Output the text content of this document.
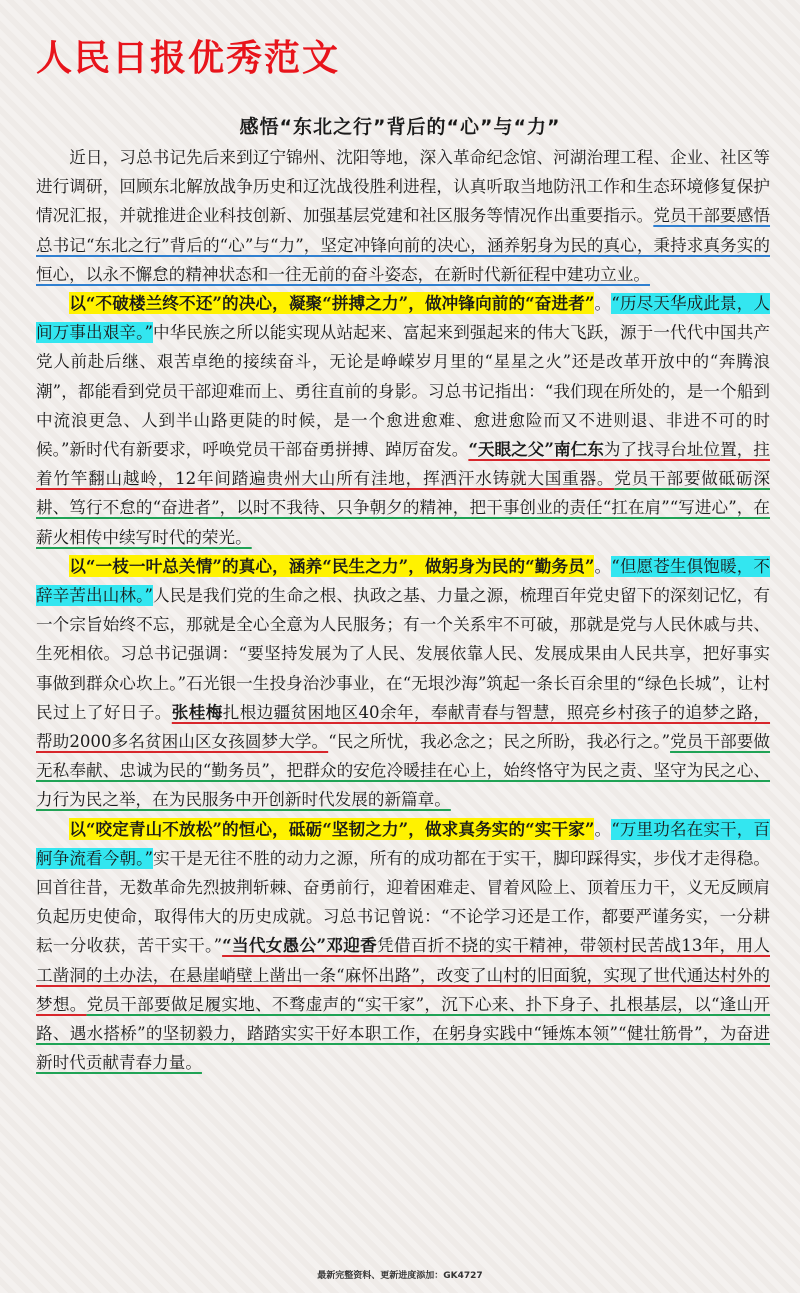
人民日报优秀范文
感悟“东北之行”背后的“心”与“力”

近日，习总书记先后来到辽宁锦州、沈阳等地，深入革命纪念馆、河湖治理工程、企业、社区等进行调研，回顾东北解放战争历史和辽沈战役胜利进程，认真听取当地防汛工作和生态环境修复保护情况汇报，并就推进企业科技创新、加强基层党建和社区服务等情况作出重要指示。党员干部要感悟总书记“东北之行”背后的“心”与“力”，坚定冲锋向前的决心，涵养躬身为民的真心，秉持求真务实的恒心，以永不懈怠的精神状态和一往无前的奋斗姿态，在新时代新征程中建功立业。

以“不破楼兰终不还”的决心，凝聚“拼搏之力”，做冲锋向前的“奋进者”。“历尽天华成此景，人间万事出艰辛。”中华民族之所以能实现从站起来、富起来到强起来的伟大飞跃，源于一代代中国共产党人前赴后继、艰苦卓绝的接续奋斗，无论是峥嵘岁月里的“星星之火”还是改革开放中的“奔腾浪潮”，都能看到党员干部迎难而上、勇往直前的身影。习总书记指出：“我们现在所处的，是一个船到中流浪更急、人到半山路更陡的时候，是一个愈进愈难、愈进愈险而又不进则退、非进不可的时候。”新时代有新要求，呼唤党员干部奋勇拼搏、踔厉奋发。“天眼之父”南仁东为了找寻台址位置，拄着竹竿翻山越岭，12年间踏遍贵州大山所有洼地，挥洒汗水铸就大国重器。党员干部要做砥砺深耕、笃行不怠的“奋进者”，以时不我待、只争朝夕的精神，把干事创业的责任“扛在肩”“写进心”，在薪火相传中续写时代的荣光。

以“一枝一叶总关情”的真心，涵养“民生之力”，做躬身为民的“勤务员”。“但愿苍生俱饱暖，不辞辛苦出山林。”人民是我们党的生命之根、执政之基、力量之源，梳理百年党史留下的深刻记忆，有一个宗旨始终不忘，那就是全心全意为人民服务；有一个关系牢不可破，那就是党与人民休戚与共、生死相依。习总书记强调：“要坚持发展为了人民、发展依靠人民、发展成果由人民共享，把好事实事做到群众心坎上。”石光银一生投身治沙事业，在“无垠沙海”筑起一条长百余里的“绿色长城”，让村民过上了好日子。张桂梅扎根边疆贫困地区40余年，奉献青春与智慧，照亮乡村孩子的追梦之路，帮助2000多名贫困山区女孩圆梦大学。“民之所忧，我必念之；民之所盼，我必行之。”党员干部要做无私奉献、忠诚为民的“勤务员”，把群众的安危冷暖挂在心上，始终恪守为民之责、坚守为民之心、力行为民之举，在为民服务中开创新时代发展的新篇章。

以“咬定青山不放松”的恒心，砥砺“坚韧之力”，做求真务实的“实干家”。“万里功名在实干，百舸争流看今朝。”实干是无往不胜的动力之源，所有的成功都在于实干，脚印踩得实，步伐才走得稳。回首往昔，无数革命先烈披荆斩棘、奋勇前行，迎着困难走、冒着风险上、顶着压力干，义无反顾肩负起历史使命，取得伟大的历史成就。习总书记曾说：“不论学习还是工作，都要严谨务实，一分耕耘一分收获，苦干实干。”“当代女愚公”邓迎香凭借百折不挠的实干精神，带领村民苦战13年，用人工凿洞的土办法，在悬崖峭壁上凿出一条“麻怀出路”，改变了山村的旧面貌，实现了世代通达村外的梦想。党员干部要做足履实地、不骛虚声的“实干家”，沉下心来、扑下身子、扎根基层，以“逢山开路、遇水搭桥”的坚韧毅力，踏踏实实干好本职工作，在躬身实践中“锤炼本领”“健壮筋骨”，为奋进新时代贡献青春力量。

最新完整资料、更新进度添加：GK4727
